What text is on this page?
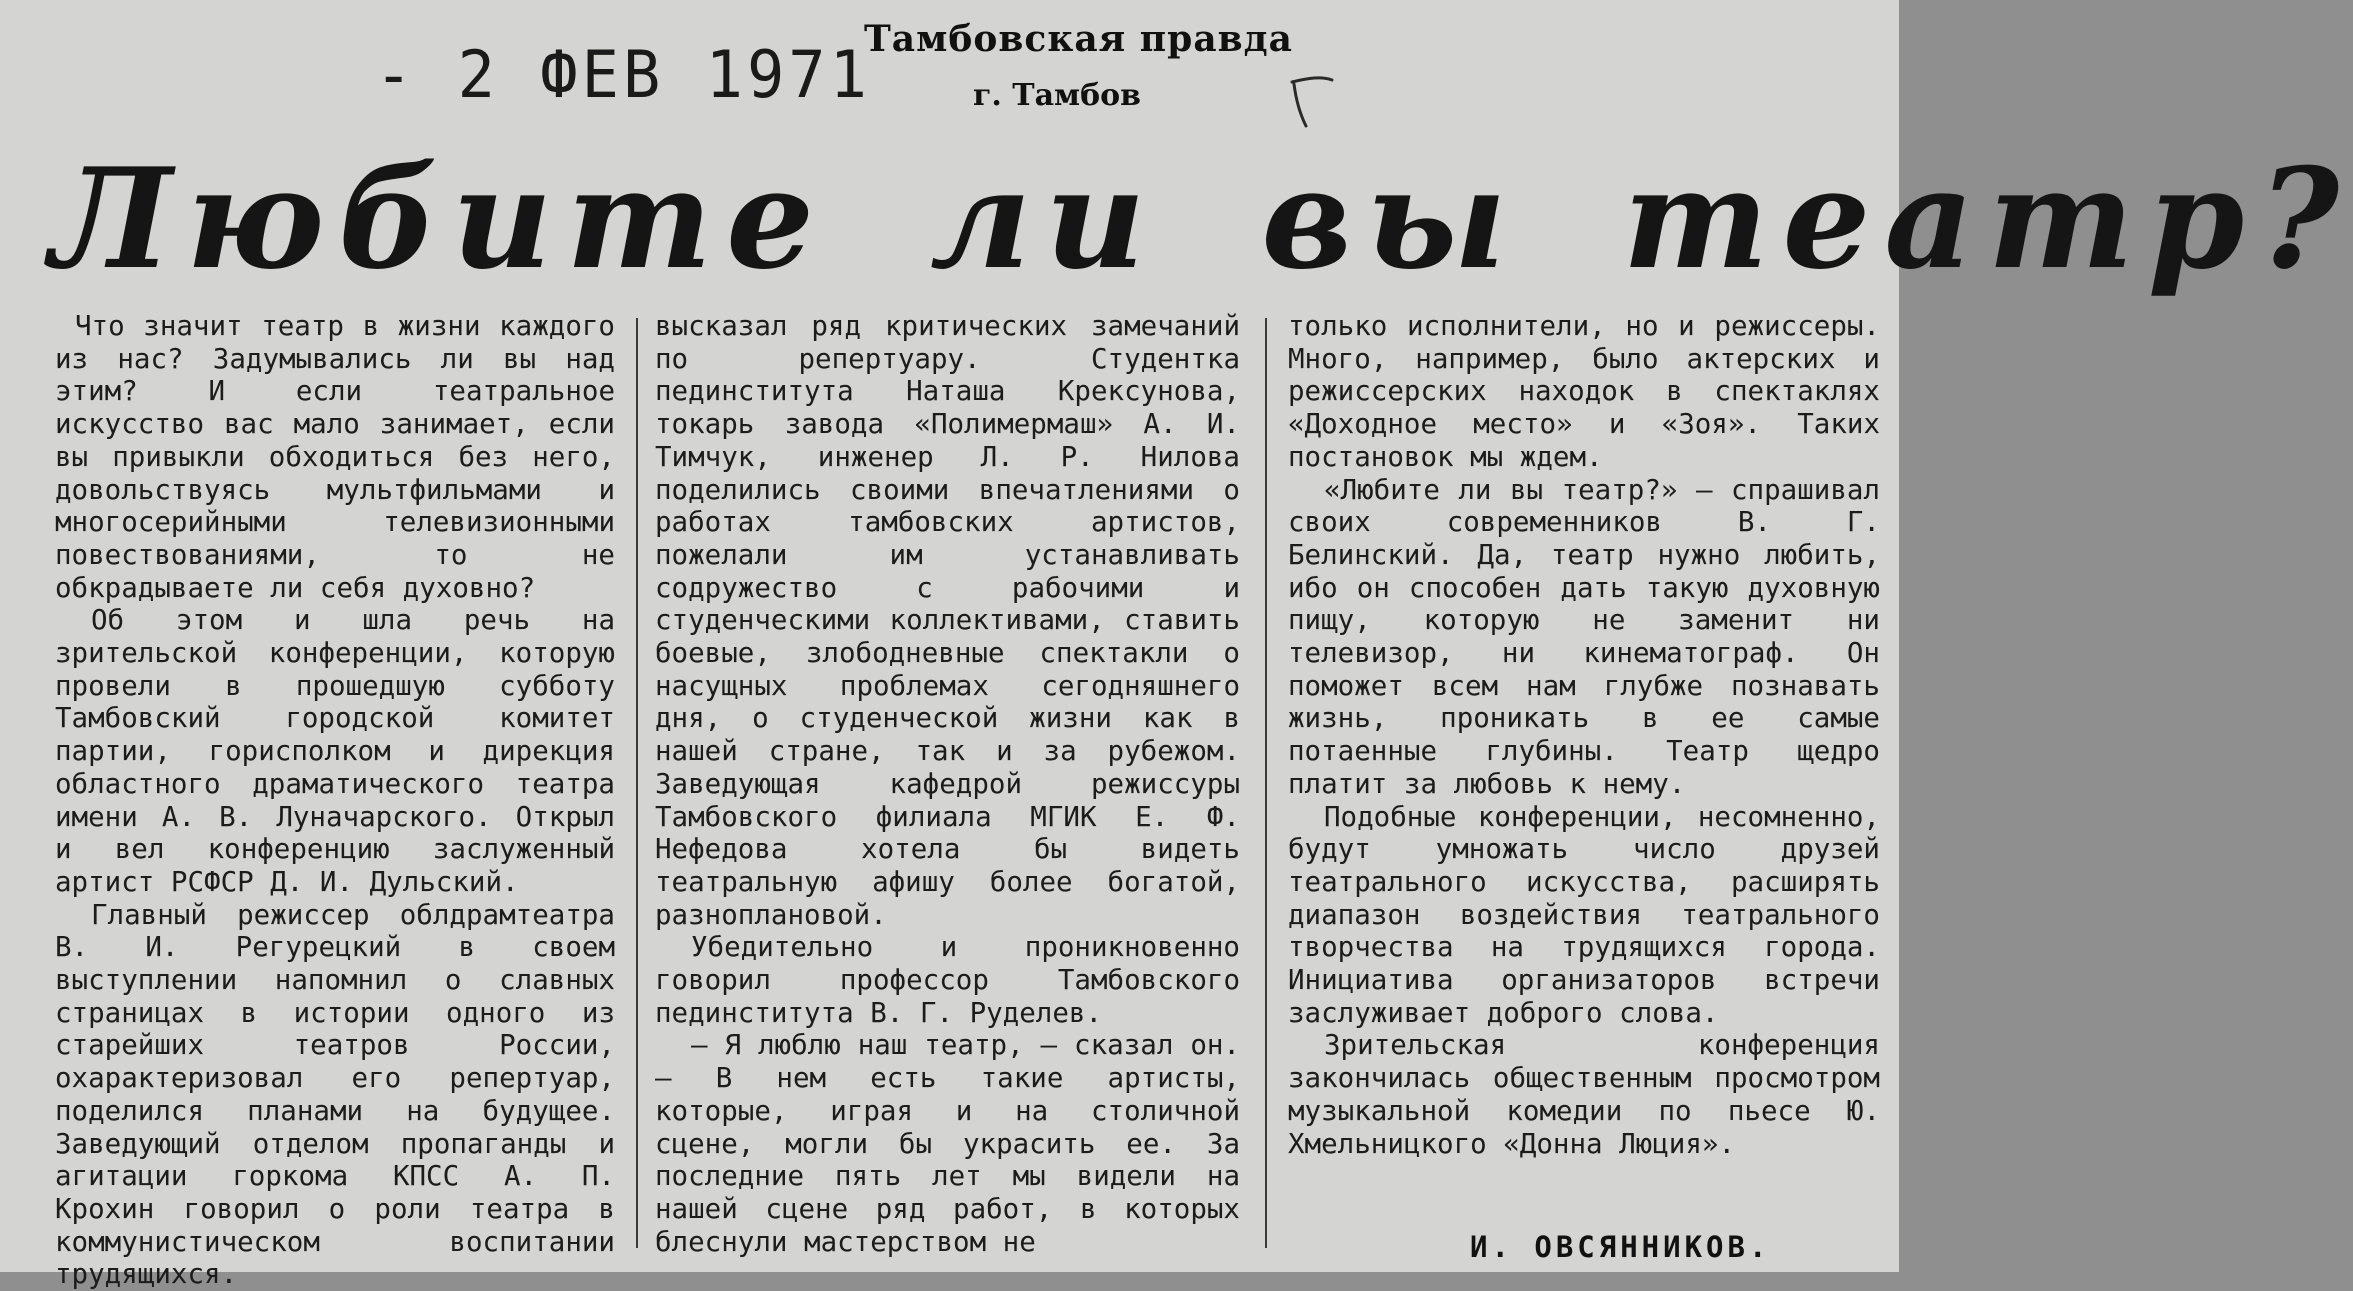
- 2 ФЕВ 1971
Тамбовская правда
г. Тамбов
Любите ли вы театр?

Что значит театр в жизни каждого из нас? Задумывались ли вы над этим? И если театральное искусство вас мало занимает, если вы привыкли обходиться без него, довольствуясь мультфильмами и многосерийными телевизионными повествованиями, то не обкрадываете ли себя духовно?

Об этом и шла речь на зрительской конференции, которую провели в прошедшую субботу Тамбовский городской комитет партии, горисполком и дирекция областного драматического театра имени А. В. Луначарского. Открыл и вел конференцию заслуженный артист РСФСР Д. И. Дульский.

Главный режиссер облдрамтеатра В. И. Регурецкий в своем выступлении напомнил о славных страницах в истории одного из старейших театров России, охарактеризовал его репертуар, поделился планами на будущее. Заведующий отделом пропаганды и агитации горкома КПСС А. П. Крохин говорил о роли театра в коммунистическом воспитании трудящихся.

высказал ряд критических замечаний по репертуару. Студентка пединститута Наташа Крексунова, токарь завода «Полимермаш» А. И. Тимчук, инженер Л. Р. Нилова поделились своими впечатлениями о работах тамбовских артистов, пожелали им устанавливать содружество с рабочими и студенческими коллективами, ставить боевые, злободневные спектакли о насущных проблемах сегодняшнего дня, о студенческой жизни как в нашей стране, так и за рубежом. Заведующая кафедрой режиссуры Тамбовского филиала МГИК Е. Ф. Нефедова хотела бы видеть театральную афишу более богатой, разноплановой.

Убедительно и проникновенно говорил профессор Тамбовского пединститута В. Г. Руделев.

— Я люблю наш театр, — сказал он. — В нем есть такие артисты, которые, играя и на столичной сцене, могли бы украсить ее. За последние пять лет мы видели на нашей сцене ряд работ, в которых блеснули мастерством не

только исполнители, но и режиссеры. Много, например, было актерских и режиссерских находок в спектаклях «Доходное место» и «Зоя». Таких постановок мы ждем.

«Любите ли вы театр?» — спрашивал своих современников В. Г. Белинский. Да, театр нужно любить, ибо он способен дать такую духовную пищу, которую не заменит ни телевизор, ни кинематограф. Он поможет всем нам глубже познавать жизнь, проникать в ее самые потаенные глубины. Театр щедро платит за любовь к нему.

Подобные конференции, несомненно, будут умножать число друзей театрального искусства, расширять диапазон воздействия театрального творчества на трудящихся города. Инициатива организаторов встречи заслуживает доброго слова.

Зрительская конференция закончилась общественным просмотром музыкальной комедии по пьесе Ю. Хмельницкого «Донна Люция».

И. ОВСЯННИКОВ.
